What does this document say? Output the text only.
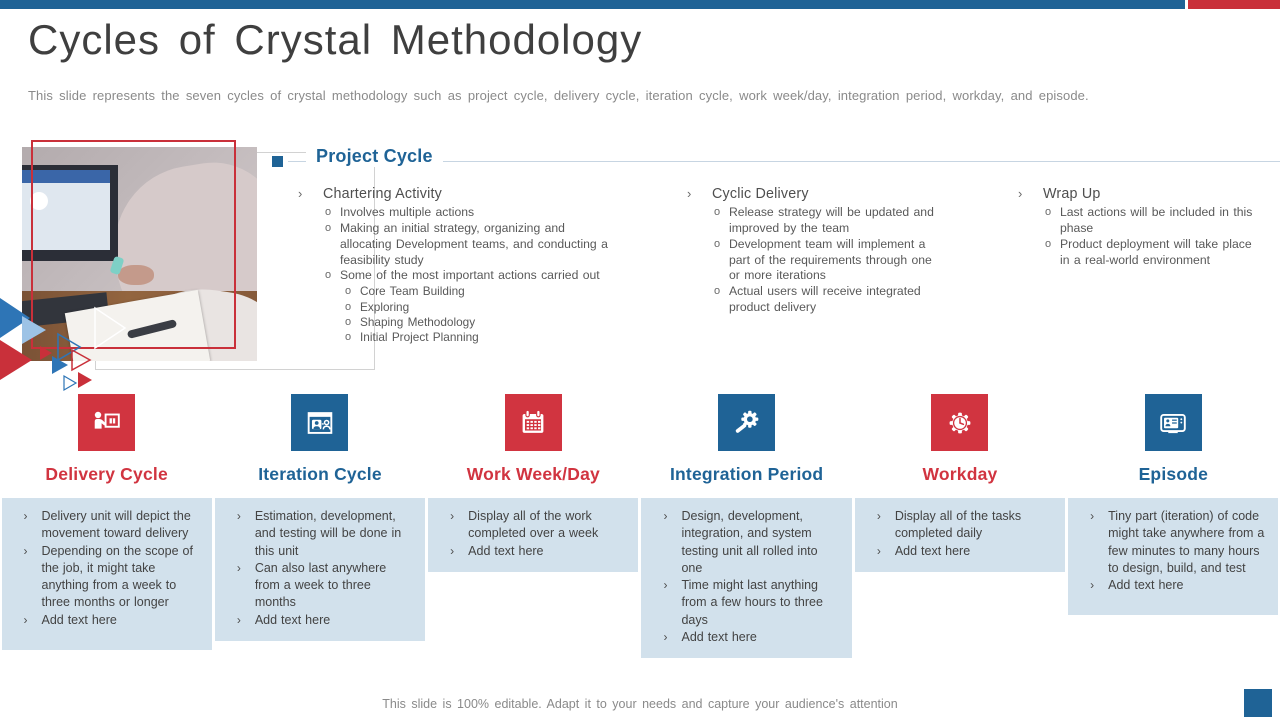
Cycles of Crystal Methodology

This slide represents the seven cycles of crystal methodology such as project cycle, delivery cycle, iteration cycle, work week/day, integration period, workday, and episode.

Project Cycle
›	Chartering Activity
o Involves multiple actions
o Making an initial strategy, organizing and allocating Development teams, and conducting a feasibility study
o Some of the most important actions carried out
o Core Team Building
o Exploring
o Shaping Methodology
o Initial Project Planning
›	Cyclic Delivery
o Release strategy will be updated and improved by the team
o Development team will implement a part of the requirements through one or more iterations
o Actual users will receive integrated product delivery
›	Wrap Up
o Last actions will be included in this phase
o Product deployment will take place in a real-world environment
Delivery Cycle
›	Delivery unit will depict the movement toward delivery
›	Depending on the scope of the job, it might take anything from a week to three months or longer
›	Add text here
Iteration Cycle
›	Estimation, development, and testing will be done in this unit
›	Can also last anywhere from a week to three months
›	Add text here
Work Week/Day
›	Display all of the work completed over a week
›	Add text here
Integration Period
›	Design, development, integration, and system testing unit all rolled into one
›	Time might last anything from a few hours to three days
›	Add text here
Workday
›	Display all of the tasks completed daily
›	Add text here
Episode
›	Tiny part (iteration) of code might take anywhere from a few minutes to many hours to design, build, and test
›	Add text here

This slide is 100% editable. Adapt it to your needs and capture your audience's attention
